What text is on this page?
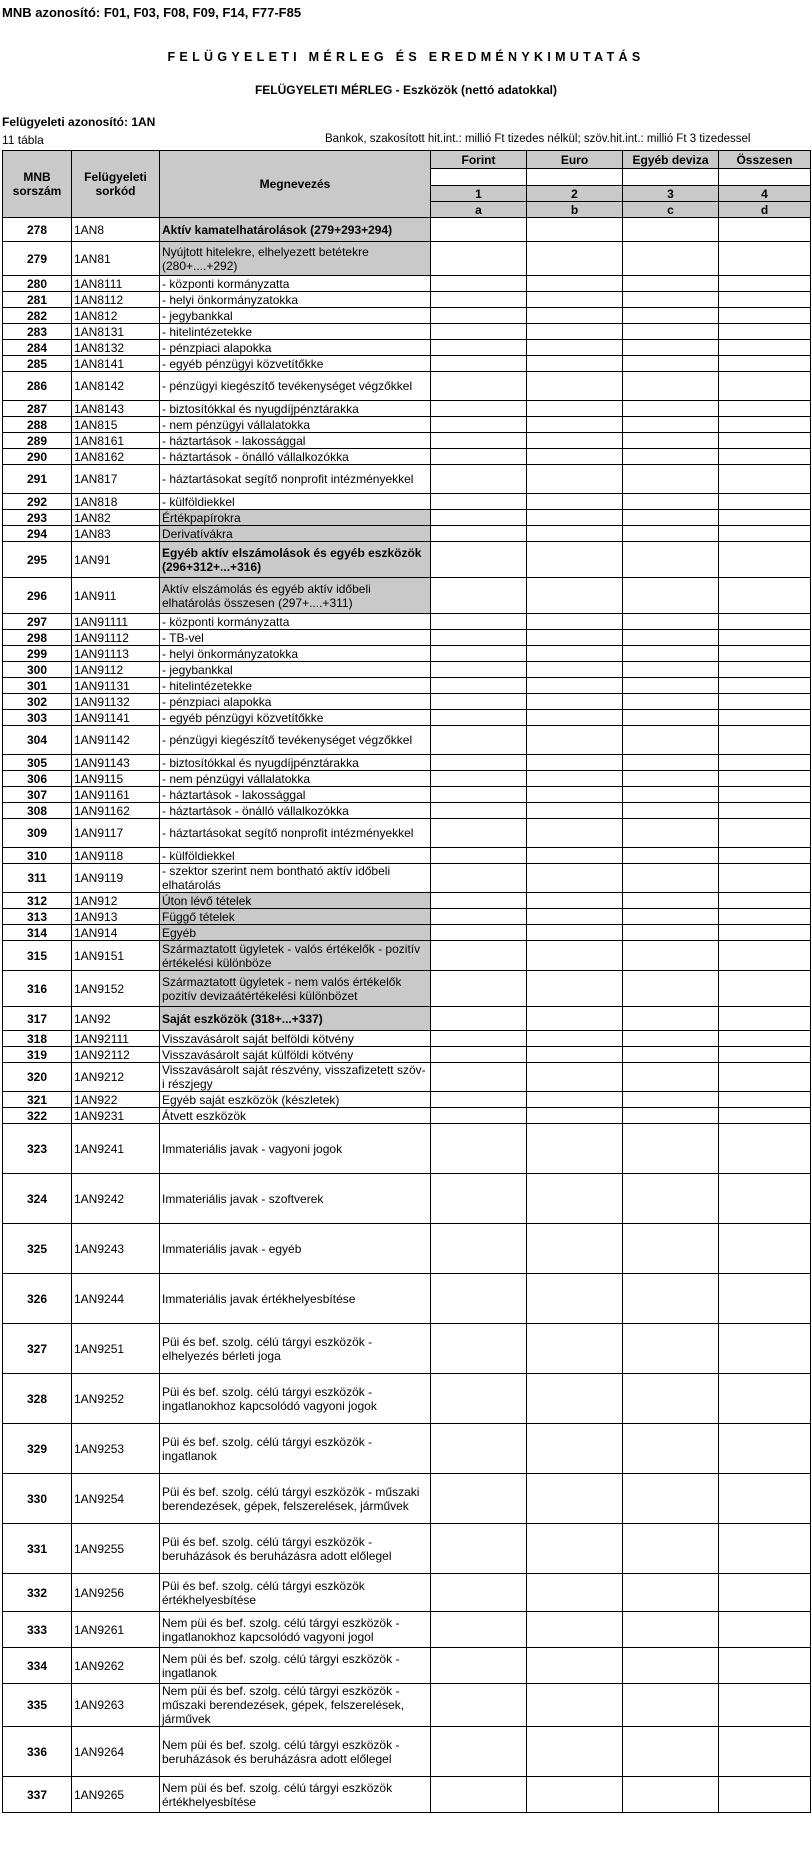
MNB azonosító: F01, F03, F08, F09, F14, F77-F85
FELÜGYELETI MÉRLEG ÉS EREDMÉNYKIMUTATÁS
FELÜGYELETI MÉRLEG - Eszközök (nettó adatokkal)
Felügyeleti azonosító: 1AN
11 tábla	Bankok, szakosított hit.int.: millió Ft tizedes nélkül; szöv.hit.int.: millió Ft 3 tizedessel
MNB sorszám	Felügyeleti sorkód	Megnevezés	Forint	Euro	Egyéb deviza	Összesen

			1	2	3	4
			a	b	c	d
278	1AN8	Aktív kamatelhatárolások (279+293+294)				
279	1AN81	Nyújtott hitelekre, elhelyezett betétekre (280+....+292)				
280	1AN8111	- központi kormányzatta				
281	1AN8112	- helyi önkormányzatokka				
282	1AN812	- jegybankkal				
283	1AN8131	- hitelintézetekke				
284	1AN8132	- pénzpiaci alapokka				
285	1AN8141	- egyéb pénzügyi közvetítőkke				
286	1AN8142	- pénzügyi kiegészítő tevékenységet végzőkkel				
287	1AN8143	- biztosítókkal és nyugdíjpénztárakka				
288	1AN815	- nem pénzügyi vállalatokka				
289	1AN8161	- háztartások - lakossággal				
290	1AN8162	- háztartások - önálló vállalkozókka				
291	1AN817	- háztartásokat segítő nonprofit intézményekkel				
292	1AN818	- külföldiekkel				
293	1AN82	Értékpapírokra				
294	1AN83	Derivatívákra				
295	1AN91	Egyéb aktív elszámolások és egyéb eszközök (296+312+...+316)				
296	1AN911	Aktív elszámolás és egyéb aktív időbeli elhatárolás összesen (297+....+311)				
297	1AN91111	- központi kormányzatta				
298	1AN91112	- TB-vel				
299	1AN91113	- helyi önkormányzatokka				
300	1AN9112	- jegybankkal				
301	1AN91131	- hitelintézetekke				
302	1AN91132	- pénzpiaci alapokka				
303	1AN91141	- egyéb pénzügyi közvetítőkke				
304	1AN91142	- pénzügyi kiegészítő tevékenységet végzőkkel				
305	1AN91143	- biztosítókkal és nyugdíjpénztárakka				
306	1AN9115	- nem pénzügyi vállalatokka				
307	1AN91161	- háztartások - lakossággal				
308	1AN91162	- háztartások - önálló vállalkozókka				
309	1AN9117	- háztartásokat segítő nonprofit intézményekkel				
310	1AN9118	- külföldiekkel				
311	1AN9119	- szektor szerint nem bontható aktív időbeli elhatárolás				
312	1AN912	Úton lévő tételek				
313	1AN913	Függő tételek				
314	1AN914	Egyéb				
315	1AN9151	Származtatott ügyletek - valós értékelők - pozitív értékelési különböze				
316	1AN9152	Származtatott ügyletek - nem valós értékelők pozitív devizaátértékelési különbözet				
317	1AN92	Saját eszközök (318+...+337)				
318	1AN92111	Visszavásárolt saját belföldi kötvény				
319	1AN92112	Visszavásárolt saját külföldi kötvény				
320	1AN9212	Visszavásárolt saját részvény, visszafizetett szöv-i részjegy				
321	1AN922	Egyéb saját eszközök (készletek)				
322	1AN9231	Átvett eszközök				
323	1AN9241	Immateriális javak - vagyoni jogok				
324	1AN9242	Immateriális javak - szoftverek				
325	1AN9243	Immateriális javak - egyéb				
326	1AN9244	Immateriális javak értékhelyesbítése				
327	1AN9251	Püi és bef. szolg. célú tárgyi eszközök - elhelyezés bérleti joga				
328	1AN9252	Püi és bef. szolg. célú tárgyi eszközök - ingatlanokhoz kapcsolódó vagyoni jogok				
329	1AN9253	Püi és bef. szolg. célú tárgyi eszközök - ingatlanok				
330	1AN9254	Püi és bef. szolg. célú tárgyi eszközök - műszaki berendezések, gépek, felszerelések, járművek				
331	1AN9255	Püi és bef. szolg. célú tárgyi eszközök - beruházások és beruházásra adott előlegel				
332	1AN9256	Püi és bef. szolg. célú tárgyi eszközök értékhelyesbítése				
333	1AN9261	Nem püi és bef. szolg. célú tárgyi eszközök - ingatlanokhoz kapcsolódó vagyoni jogol				
334	1AN9262	Nem püi és bef. szolg. célú tárgyi eszközök - ingatlanok				
335	1AN9263	Nem püi és bef. szolg. célú tárgyi eszközök - műszaki berendezések, gépek, felszerelések, járművek				
336	1AN9264	Nem püi és bef. szolg. célú tárgyi eszközök - beruházások és beruházásra adott előlegel				
337	1AN9265	Nem püi és bef. szolg. célú tárgyi eszközök értékhelyesbítése				
